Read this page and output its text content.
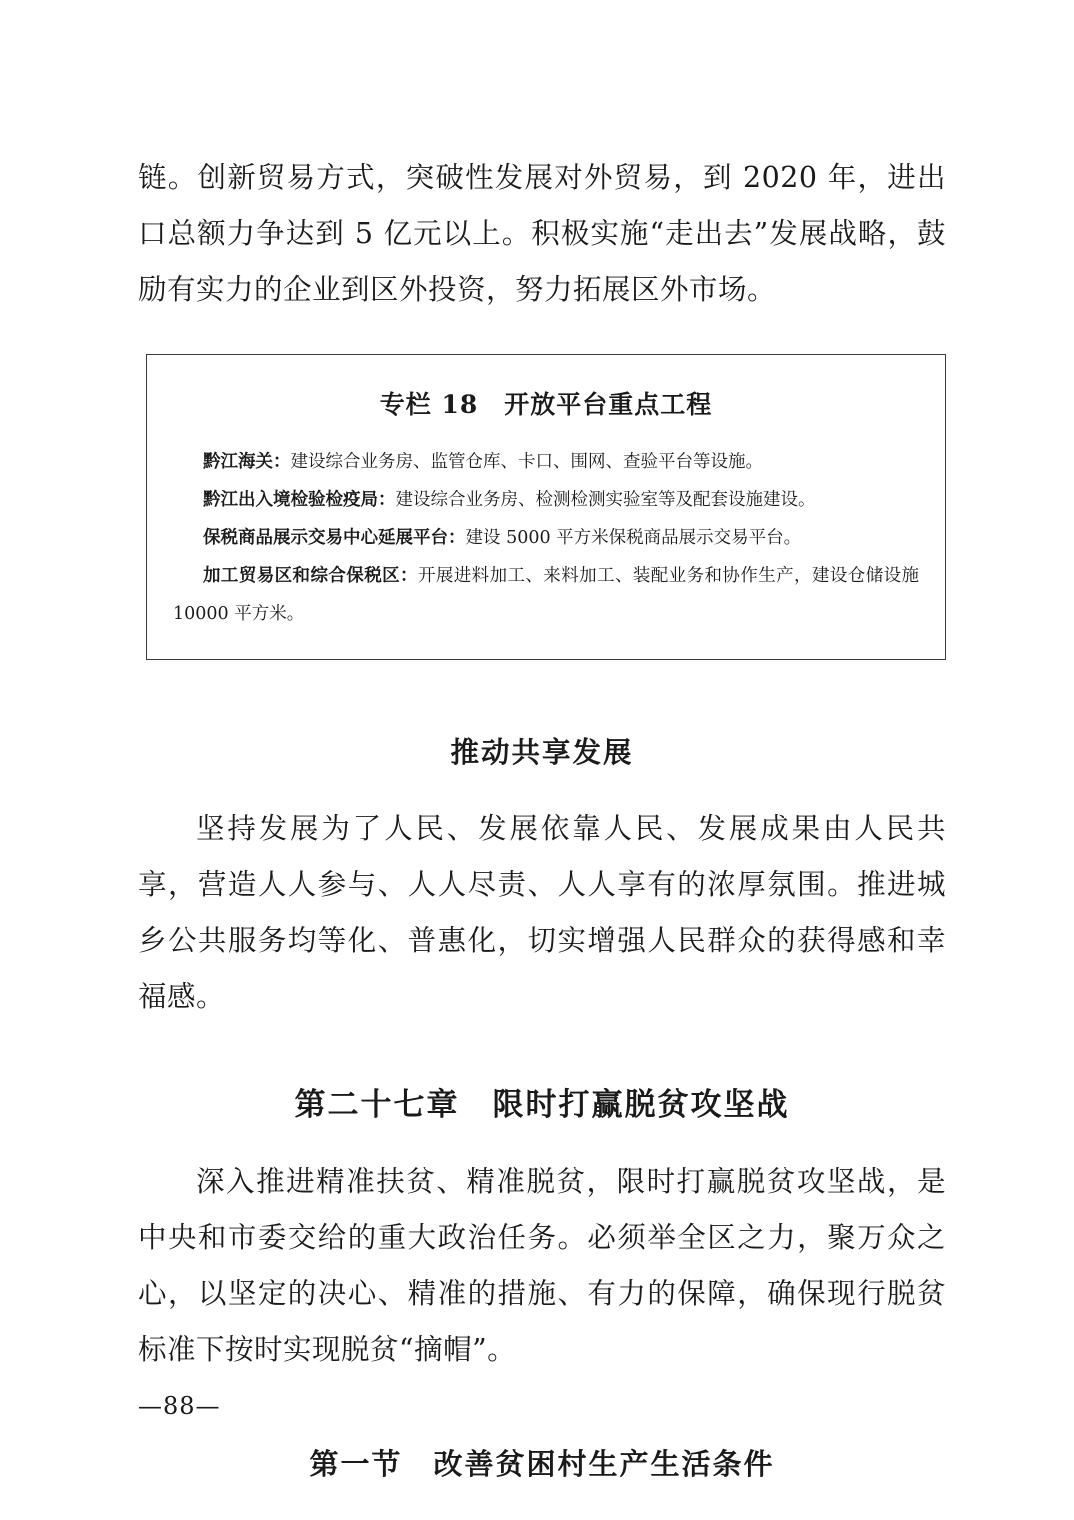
链。创新贸易方式，突破性发展对外贸易，到 2020 年，进出口总额力争达到 5 亿元以上。积极实施“走出去”发展战略，鼓励有实力的企业到区外投资，努力拓展区外市场。

专栏 18　开放平台重点工程

黔江海关：建设综合业务房、监管仓库、卡口、围网、查验平台等设施。

黔江出入境检验检疫局：建设综合业务房、检测检测实验室等及配套设施建设。

保税商品展示交易中心延展平台：建设 5000 平方米保税商品展示交易平台。

加工贸易区和综合保税区：开展进料加工、来料加工、装配业务和协作生产，建设仓储设施 10000 平方米。

推动共享发展

坚持发展为了人民、发展依靠人民、发展成果由人民共享，营造人人参与、人人尽责、人人享有的浓厚氛围。推进城乡公共服务均等化、普惠化，切实增强人民群众的获得感和幸福感。

第二十七章　限时打赢脱贫攻坚战

深入推进精准扶贫、精准脱贫，限时打赢脱贫攻坚战，是中央和市委交给的重大政治任务。必须举全区之力，聚万众之心，以坚定的决心、精准的措施、有力的保障，确保现行脱贫标准下按时实现脱贫“摘帽”。

第一节　改善贫困村生产生活条件
—88—
